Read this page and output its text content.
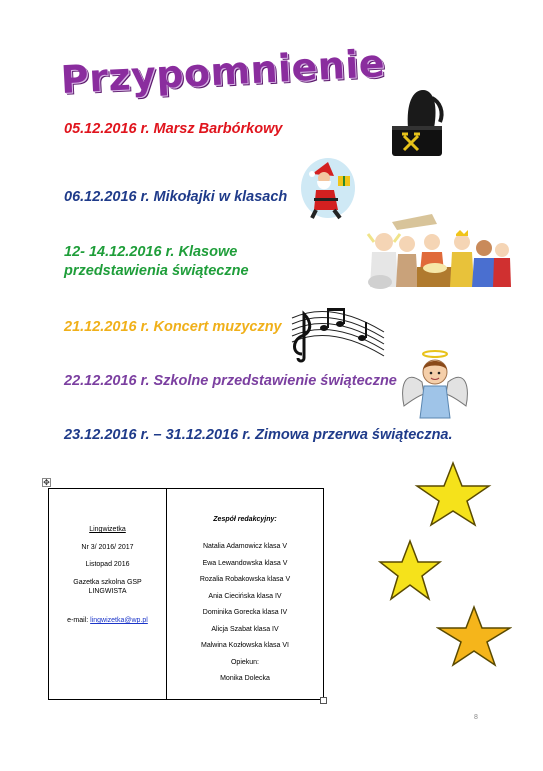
Przypomnienie
05.12.2016 r. Marsz Barbórkowy
06.12.2016 r. Mikołajki w klasach
12- 14.12.2016 r. Klasowe przedstawienia świąteczne
21.12.2016 r. Koncert muzyczny
22.12.2016 r. Szkolne przedstawienie świąteczne
23.12.2016 r. – 31.12.2016 r. Zimowa przerwa świąteczna.
✥
Lingwizetka
Nr 3/ 2016/ 2017
Listopad 2016
Gazetka szkolna GSP
LINGWISTA
e-mail: lingwizetka@wp.pl
Zespół redakcyjny:
Natalia Adamowicz klasa V
Ewa Lewandowska klasa V
Rozalia Robakowska klasa V
Ania Ciecińska klasa IV
Dominika Gorecka klasa IV
Alicja Szabat klasa IV
Malwina Kozłowska klasa VI
Opiekun:
Monika Dolecka
8
